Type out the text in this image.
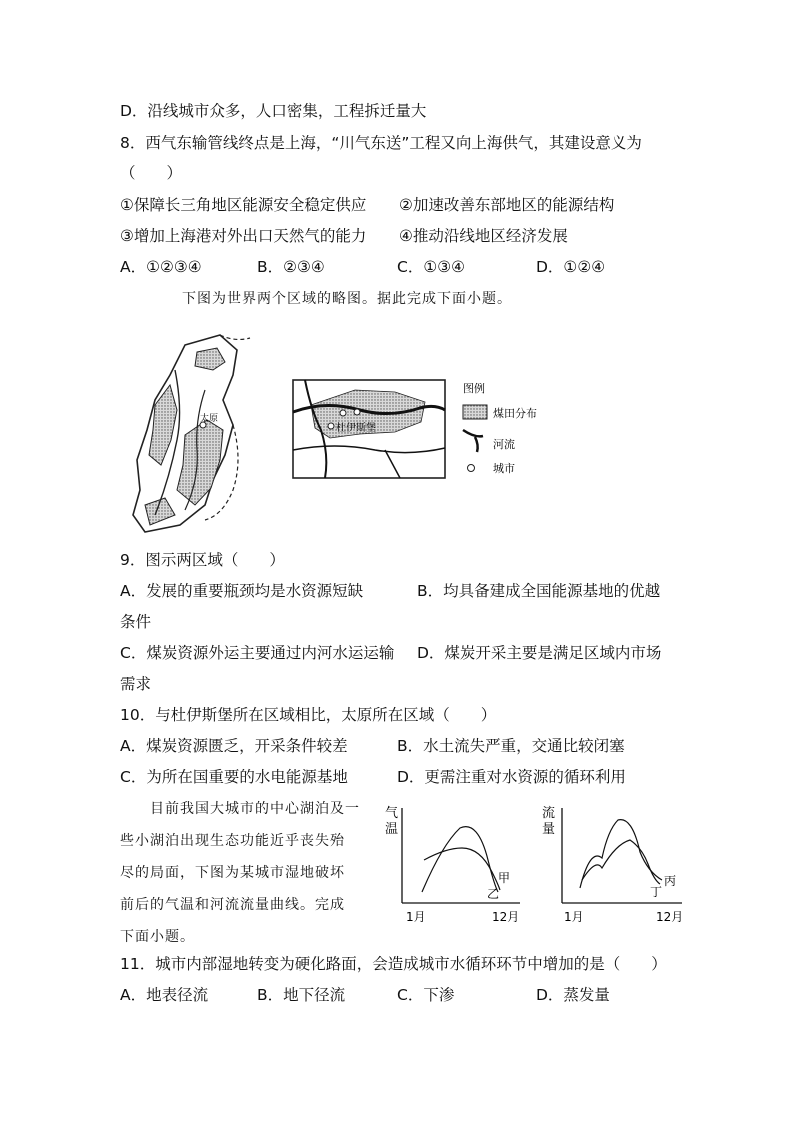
D．沿线城市众多，人口密集，工程拆迁量大
8．西气东输管线终点是上海，“川气东送”工程又向上海供气，其建设意义为
（　　）
①保障长三角地区能源安全稳定供应 ②加速改善东部地区的能源结构
③增加上海港对外出口天然气的能力 ④推动沿线地区经济发展
A．①②③④	B．②③④	C．①③④	D．①②④
下图为世界两个区域的略图。据此完成下面小题。
太原
杜伊斯堡
图例
煤田分布
河流
城市
9．图示两区域（　　）
A．发展的重要瓶颈均是水资源短缺	B．均具备建成全国能源基地的优越
条件
C．煤炭资源外运主要通过内河水运运输 D．煤炭开采主要是满足区域内市场
需求
10．与杜伊斯堡所在区域相比，太原所在区域（　　）
A．煤炭资源匮乏，开采条件较差	B．水土流失严重，交通比较闭塞
C．为所在国重要的水电能源基地	D．更需注重对水资源的循环利用
目前我国大城市的中心湖泊及一
些小湖泊出现生态功能近乎丧失殆
尽的局面，下图为某城市湿地破坏
前后的气温和河流流量曲线。完成
下面小题。
气
温
甲
乙
1月	12月
流
量
丙
丁
1月	12月
11．城市内部湿地转变为硬化路面，会造成城市水循环环节中增加的是（　　）
A．地表径流	B．地下径流	C．下渗	D．蒸发量
